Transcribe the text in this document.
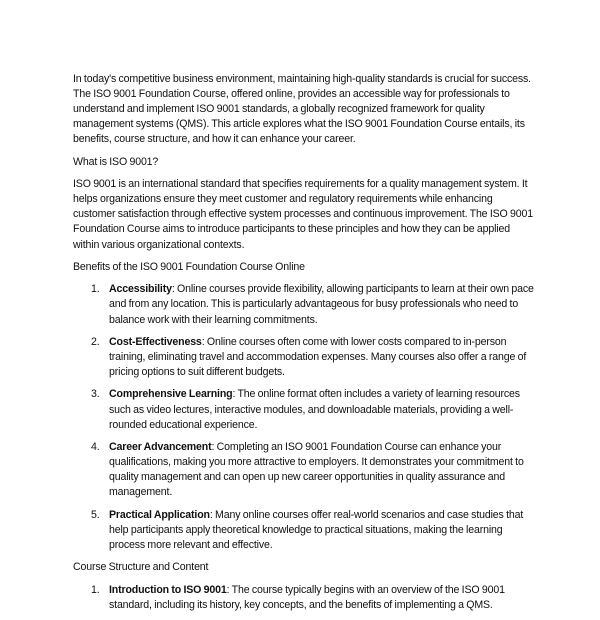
In today's competitive business environment, maintaining high-quality standards is crucial for success. The ISO 9001 Foundation Course, offered online, provides an accessible way for professionals to understand and implement ISO 9001 standards, a globally recognized framework for quality management systems (QMS). This article explores what the ISO 9001 Foundation Course entails, its benefits, course structure, and how it can enhance your career.

What is ISO 9001?

ISO 9001 is an international standard that specifies requirements for a quality management system. It helps organizations ensure they meet customer and regulatory requirements while enhancing customer satisfaction through effective system processes and continuous improvement. The ISO 9001 Foundation Course aims to introduce participants to these principles and how they can be applied within various organizational contexts.

Benefits of the ISO 9001 Foundation Course Online

1. Accessibility: Online courses provide flexibility, allowing participants to learn at their own pace and from any location. This is particularly advantageous for busy professionals who need to balance work with their learning commitments.
2. Cost-Effectiveness: Online courses often come with lower costs compared to in-person training, eliminating travel and accommodation expenses. Many courses also offer a range of pricing options to suit different budgets.
3. Comprehensive Learning: The online format often includes a variety of learning resources such as video lectures, interactive modules, and downloadable materials, providing a well-rounded educational experience.
4. Career Advancement: Completing an ISO 9001 Foundation Course can enhance your qualifications, making you more attractive to employers. It demonstrates your commitment to quality management and can open up new career opportunities in quality assurance and management.
5. Practical Application: Many online courses offer real-world scenarios and case studies that help participants apply theoretical knowledge to practical situations, making the learning process more relevant and effective.

Course Structure and Content

1. Introduction to ISO 9001: The course typically begins with an overview of the ISO 9001 standard, including its history, key concepts, and the benefits of implementing a QMS.
